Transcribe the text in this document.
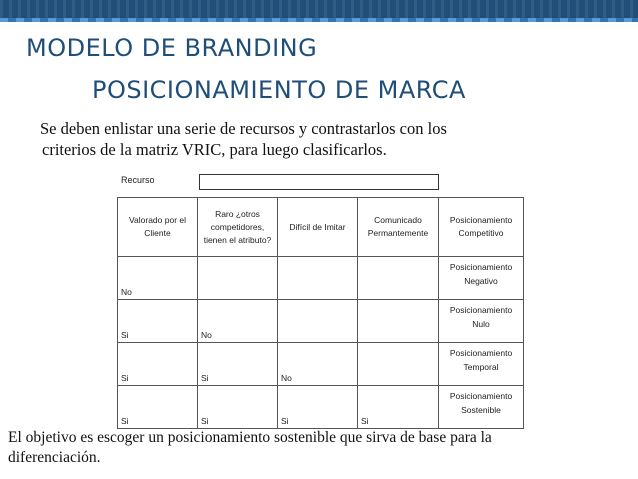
MODELO DE BRANDING
POSICIONAMIENTO DE MARCA
Se deben enlistar una serie de recursos y contrastarlos con los
criterios de la matriz VRIC, para luego clasificarlos.
Recurso
Valorado por el Cliente	Raro ¿otros competidores, tienen el atributo?	Difícil de Imitar	Comunicado Permantemente	Posicionamiento Competitivo
No				Posicionamiento Negativo
Si	No			Posicionamiento Nulo
Si	Si	No		Posicionamiento Temporal
Si	Si	Si	Si	Posicionamiento Sostenible
El objetivo es escoger un posicionamiento sostenible que sirva de base para la
diferenciación.
